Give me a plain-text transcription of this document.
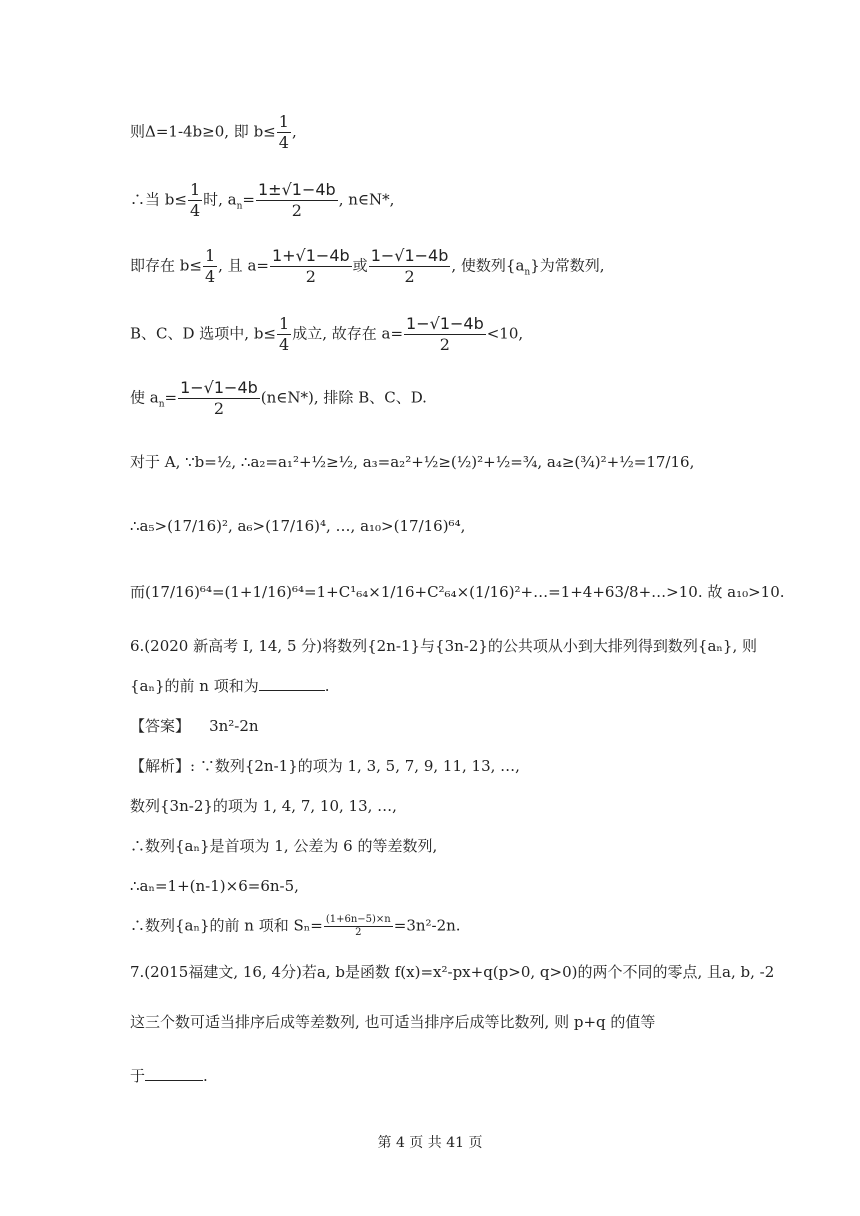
则Δ=1-4b≥0, 即 $b\le \frac{1}{4}$ ,
∴当 $b\le \frac{1}{4}$ 时, $a_n= \frac{1\pm√1-4b}{2}$ , n∈N*,
即存在 $b\le \frac{1}{4}$ , 且 $a= \frac{1+√1-4b}{2}$ 或 $\frac{1-√1-4b}{2}$ , 使数列$\{a_n\}$为常数列,
B、C、D 选项中, $b\le \frac{1}{4}$ 成立, 故存在 $a= \frac{1-√1-4b}{2} <10$,
使 $a_n= \frac{1-√1-4b}{2}$ (n∈N*), 排除 B、C、D.
对于 A, ∵b=½, ∴a₂=a₁²+½≥½, a₃=a₂²+½≥(½)²+½=¾, a₄≥(¾)²+½=17/16,
∴a₅>(17/16)², a₆>(17/16)⁴, …, a₁₀>(17/16)⁶⁴,
而(17/16)⁶⁴=(1+1/16)⁶⁴=1+C¹₆₄×1/16+C²₆₄×(1/16)²+…=1+4+63/8+…>10. 故 a₁₀>10.
6.(2020 新高考 Ⅰ, 14, 5 分)将数列{2n-1}与{3n-2}的公共项从小到大排列得到数列{aₙ}, 则
{aₙ}的前 n 项和为	.
【答案】 3n²-2n
【解析】: ∵数列{2n-1}的项为 1, 3, 5, 7, 9, 11, 13, …,
数列{3n-2}的项为 1, 4, 7, 10, 13, …,
∴数列{aₙ}是首项为 1, 公差为 6 的等差数列,
∴aₙ=1+(n-1)×6=6n-5,
∴数列{aₙ}的前 n 项和 $S_n= \frac{(1+6n-5)\times n}{2} =3n^2-2n$.
7.(2015福建文, 16, 4分)若a, b是函数 f(x)=x²-px+q(p>0, q>0)的两个不同的零点, 且a, b, -2
这三个数可适当排序后成等差数列, 也可适当排序后成等比数列, 则 p+q 的值等
于	.
第 4 页 共 41 页
